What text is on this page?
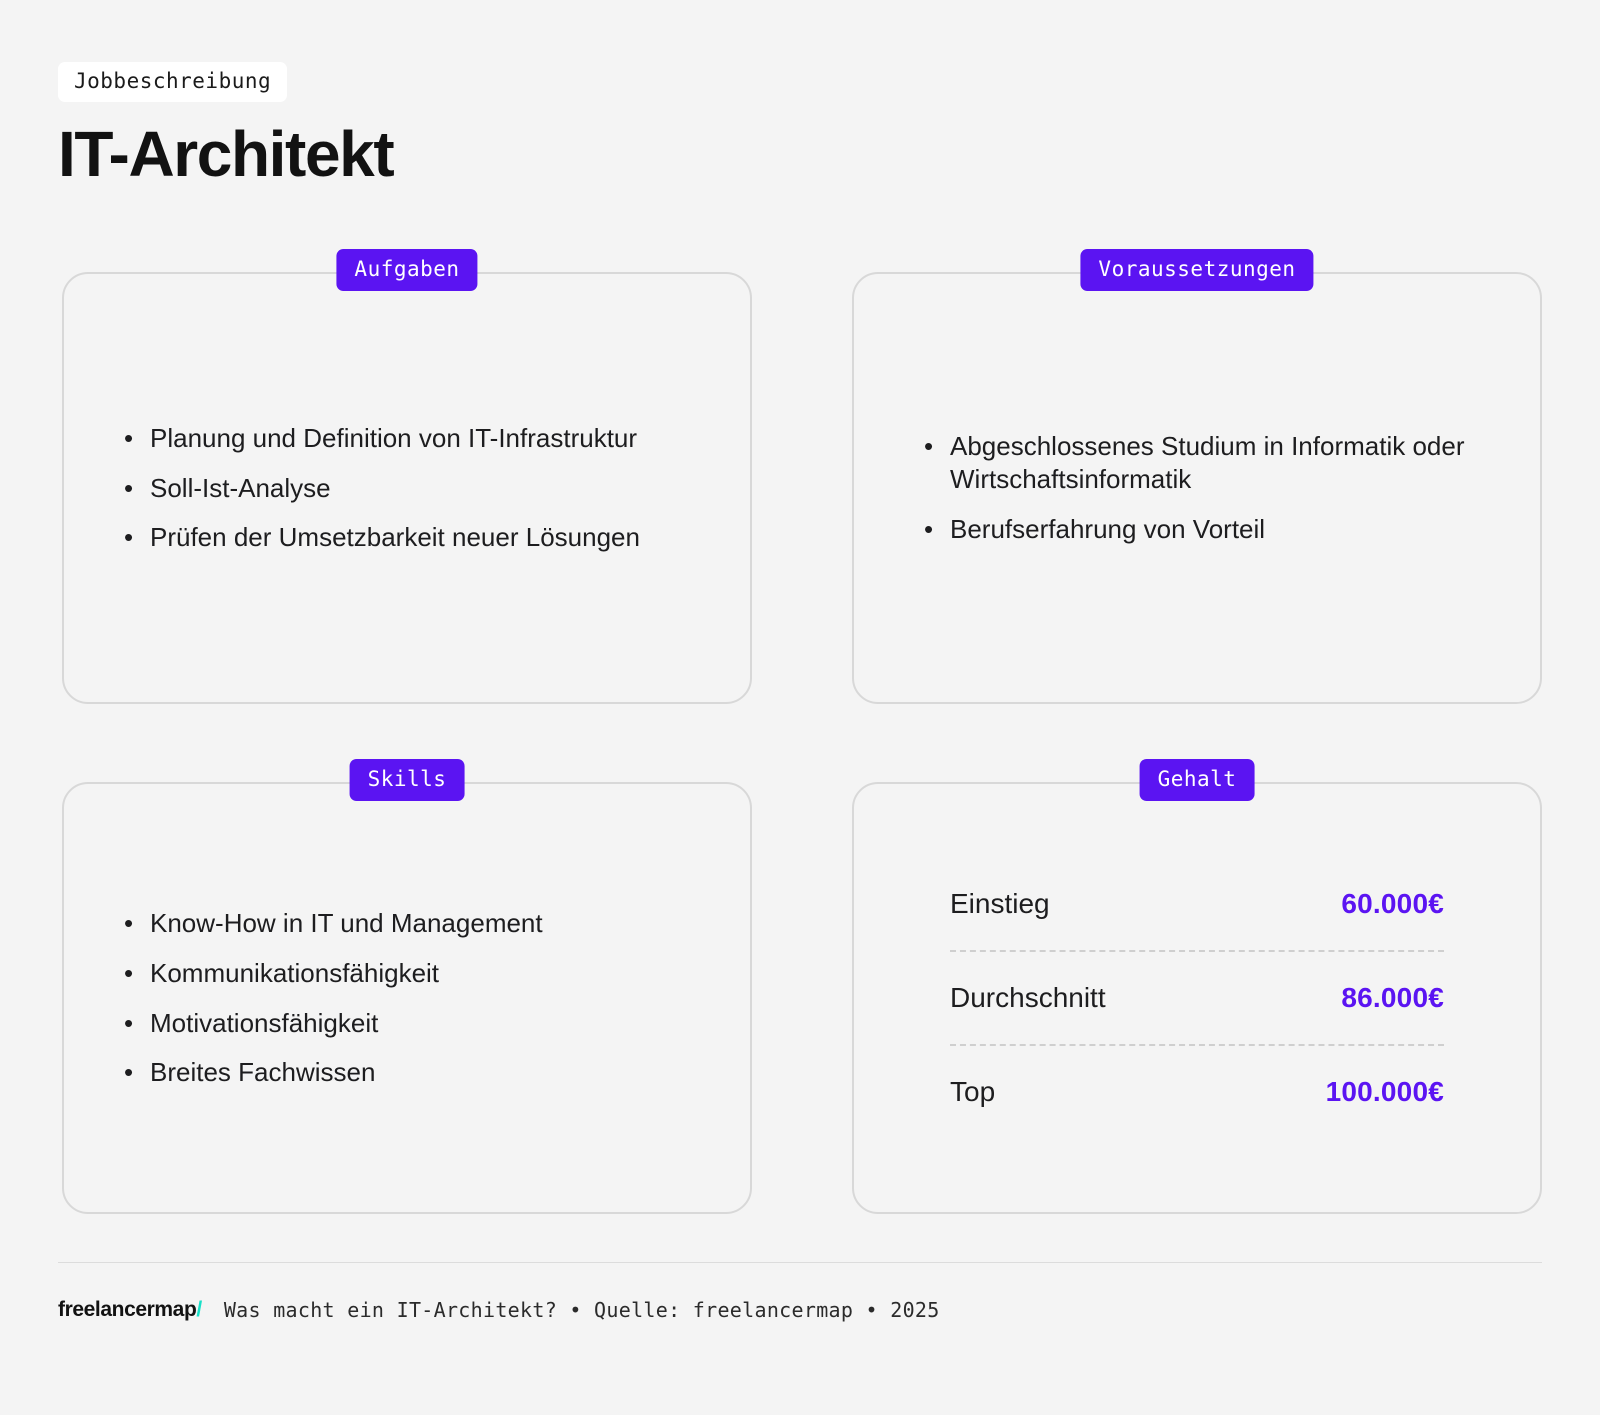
Jobbeschreibung
IT-Architekt
Aufgaben
• Planung und Definition von IT-Infrastruktur
• Soll-Ist-Analyse
• Prüfen der Umsetzbarkeit neuer Lösungen
Voraussetzungen
• Abgeschlossenes Studium in Informatik oder Wirtschaftsinformatik
• Berufserfahrung von Vorteil
Skills
• Know-How in IT und Management
• Kommunikationsfähigkeit
• Motivationsfähigkeit
• Breites Fachwissen
Gehalt
Einstieg	60.000€
Durchschnitt	86.000€
Top	100.000€
freelancermap/ Was macht ein IT-Architekt? • Quelle: freelancermap • 2025
